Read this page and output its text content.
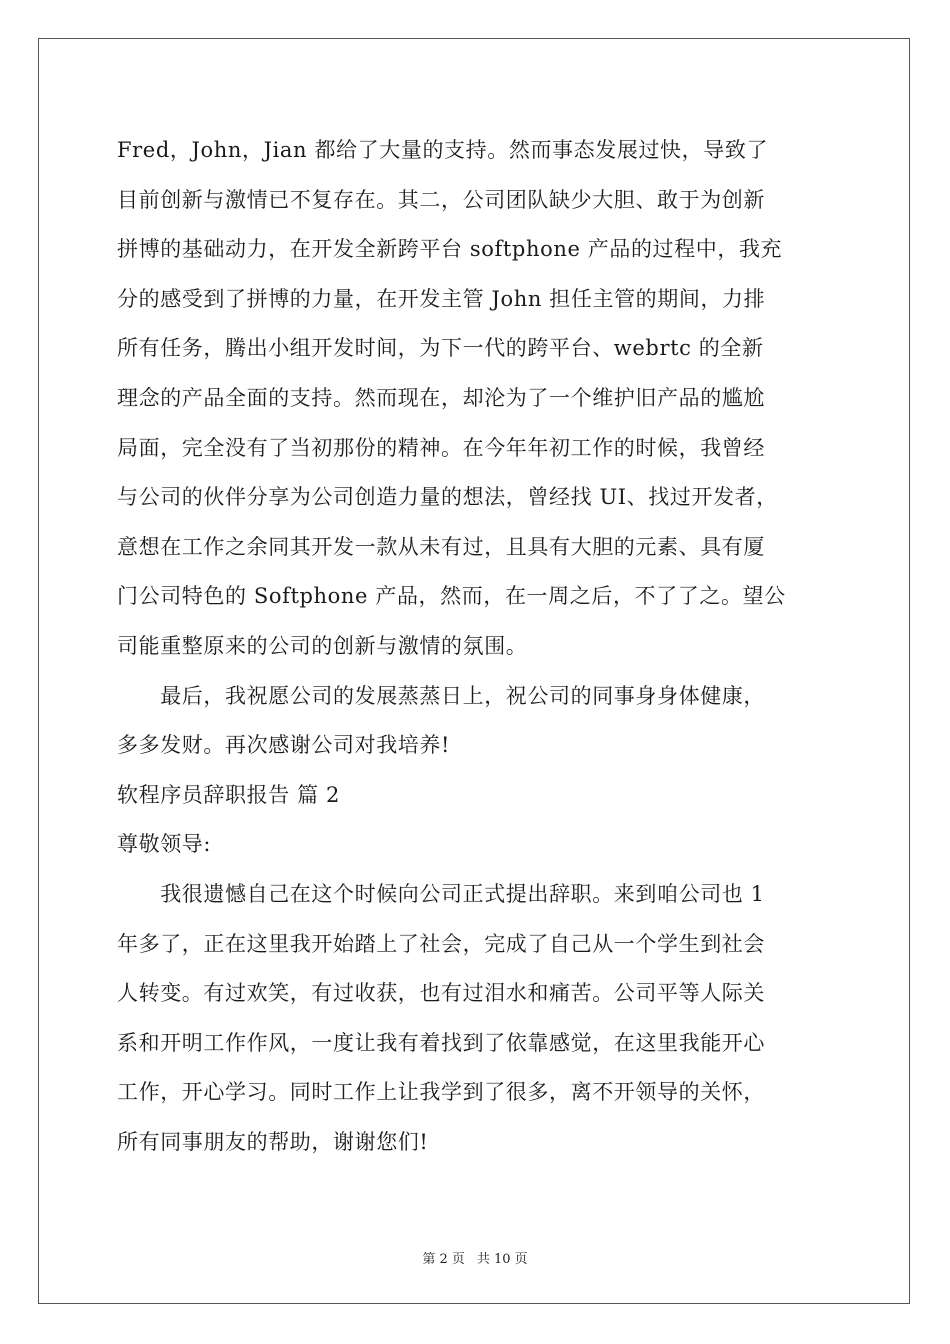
Fred，John，Jian 都给了大量的支持。然而事态发展过快，导致了
目前创新与激情已不复存在。其二，公司团队缺少大胆、敢于为创新
拼博的基础动力，在开发全新跨平台 softphone 产品的过程中，我充
分的感受到了拼博的力量，在开发主管 John 担任主管的期间，力排
所有任务，腾出小组开发时间，为下一代的跨平台、webrtc 的全新
理念的产品全面的支持。然而现在，却沦为了一个维护旧产品的尴尬
局面，完全没有了当初那份的精神。在今年年初工作的时候，我曾经
与公司的伙伴分享为公司创造力量的想法，曾经找 UI、找过开发者，
意想在工作之余同其开发一款从未有过，且具有大胆的元素、具有厦
门公司特色的 Softphone 产品，然而，在一周之后，不了了之。望公
司能重整原来的公司的创新与激情的氛围。
　　最后，我祝愿公司的发展蒸蒸日上，祝公司的同事身身体健康，
多多发财。再次感谢公司对我培养!
软程序员辞职报告 篇 2
尊敬领导:
　　我很遗憾自己在这个时候向公司正式提出辞职。来到咱公司也 1
年多了，正在这里我开始踏上了社会，完成了自己从一个学生到社会
人转变。有过欢笑，有过收获，也有过泪水和痛苦。公司平等人际关
系和开明工作作风，一度让我有着找到了依靠感觉，在这里我能开心
工作，开心学习。同时工作上让我学到了很多，离不开领导的关怀，
所有同事朋友的帮助，谢谢您们!
第 2 页 共 10 页
